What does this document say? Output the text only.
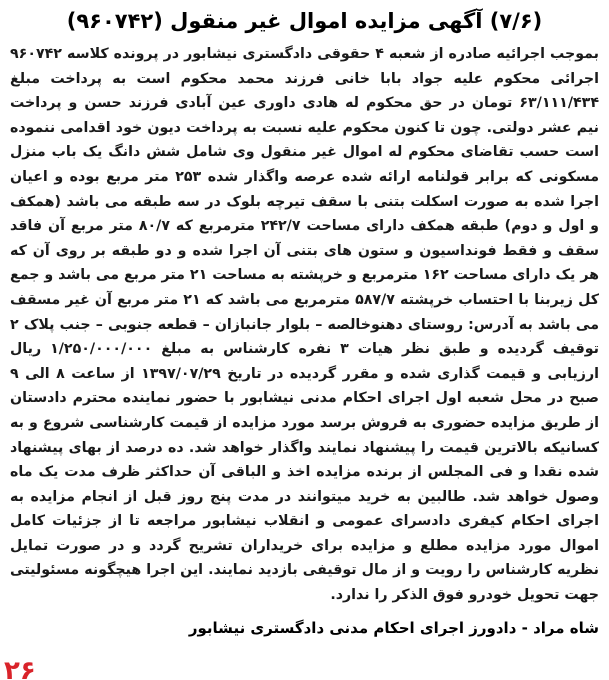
(۷/۶) آگهی مزایده اموال غیر منقول (۹۶۰۷۴۲)

بموجب اجرائیه صادره از شعبه ۴ حقوقی دادگستری نیشابور در پرونده کلاسه ۹۶۰۷۴۲ اجرائی محکوم علیه جواد بابا خانی فرزند محمد محکوم است به پرداخت مبلغ ۶۳/۱۱۱/۴۳۴ تومان در حق محکوم له هادی داوری عین آبادی فرزند حسن و پرداخت نیم عشر دولتی. چون تا کنون محکوم علیه نسبت به پرداخت دیون خود اقدامی ننموده است حسب تقاضای محکوم له اموال غیر منقول وی شامل شش دانگ یک باب منزل مسکونی که برابر قولنامه ارائه شده عرصه واگذار شده ۲۵۳ متر مربع بوده و اعیان اجرا شده به صورت اسکلت بتنی با سقف تیرچه بلوک در سه طبقه می باشد (همکف و اول و دوم) طبقه همکف دارای مساحت ۲۴۲/۷ مترمربع که ۸۰/۷ متر مربع آن فاقد سقف و فقط فونداسیون و ستون های بتنی آن اجرا شده و دو طبقه بر روی آن که هر یک دارای مساحت ۱۶۲ مترمربع و خرپشته به مساحت ۲۱ متر مربع می باشد و جمع کل زیربنا با احتساب خرپشته ۵۸۷/۷ مترمربع می باشد که ۲۱ متر مربع آن غیر مسقف می باشد به آدرس: روستای دهنوخالصه – بلوار جانبازان – قطعه جنوبی – جنب پلاک ۲ توقیف گردیده و طبق نظر هیات ۳ نفره کارشناس به مبلغ ۱/۲۵۰/۰۰۰/۰۰۰ ریال ارزیابی و قیمت گذاری شده و مقرر گردیده در تاریخ ۱۳۹۷/۰۷/۲۹ از ساعت ۸ الی ۹ صبح در محل شعبه اول اجرای احکام مدنی نیشابور با حضور نماینده محترم دادستان از طریق مزایده حضوری به فروش برسد مورد مزایده از قیمت کارشناسی شروع و به کسانیکه بالاترین قیمت را پیشنهاد نمایند واگذار خواهد شد. ده درصد از بهای پیشنهاد شده نقدا و فی المجلس از برنده مزایده اخذ و الباقی آن حداکثر ظرف مدت یک ماه وصول خواهد شد. طالبین به خرید میتوانند در مدت پنج روز قبل از انجام مزایده به اجرای احکام کیفری دادسرای عمومی و انقلاب نیشابور مراجعه تا از جزئیات کامل اموال مورد مزایده مطلع و مزایده برای خریداران تشریح گردد و در صورت تمایل نظریه کارشناس را رویت و از مال توقیفی بازدید نمایند. این اجرا هیچگونه مسئولیتی جهت تحویل خودرو فوق الذکر را ندارد.

شاه مراد - دادورز اجرای احکام مدنی دادگستری نیشابور
۲۶
